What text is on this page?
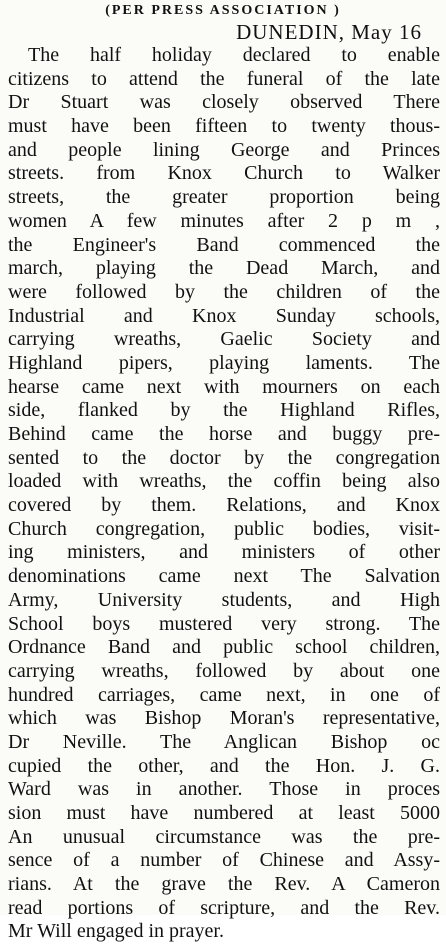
(PER PRESS ASSOCIATION )
DUNEDIN, May 16
The half holiday declared to enable
citizens to attend the funeral of the late
Dr Stuart was closely observed There
must have been fifteen to twenty thous-
and people lining George and Princes
streets. from Knox Church to Walker
streets, the greater proportion being
women A few minutes after 2 p m ,
the Engineer's Band commenced the
march, playing the Dead March, and
were followed by the children of the
Industrial and Knox Sunday schools,
carrying wreaths, Gaelic Society and
Highland pipers, playing laments. The
hearse came next with mourners on each
side, flanked by the Highland Rifles,
Behind came the horse and buggy pre-
sented to the doctor by the congregation
loaded with wreaths, the coffin being also
covered by them. Relations, and Knox
Church congregation, public bodies, visit-
ing ministers, and ministers of other
denominations came next The Salvation
Army, University students, and High
School boys mustered very strong. The
Ordnance Band and public school children,
carrying wreaths, followed by about one
hundred carriages, came next, in one of
which was Bishop Moran's representative,
Dr Neville. The Anglican Bishop oc
cupied the other, and the Hon. J. G.
Ward was in another. Those in proces
sion must have numbered at least 5000
An unusual circumstance was the pre-
sence of a number of Chinese and Assy-
rians. At the grave the Rev. A Cameron
read portions of scripture, and the Rev.
Mr Will engaged in prayer.
